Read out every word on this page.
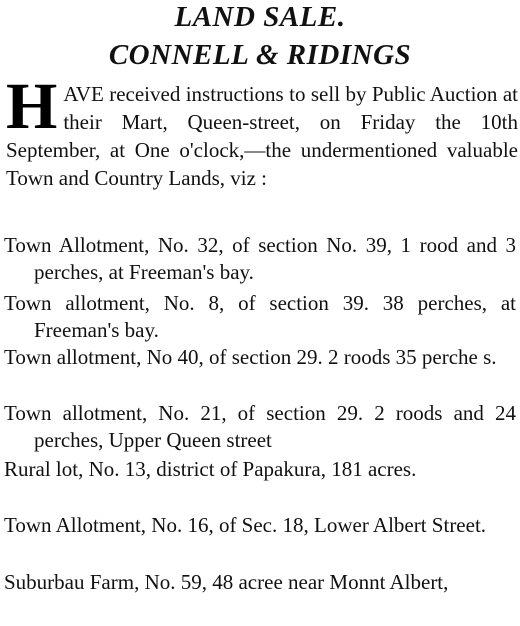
LAND SALE.
CONNELL & RIDINGS
H AVE received instructions to sell by Public Auction at their Mart, Queen-street, on Friday the 10th September, at One o'clock,—the undermentioned valuable Town and Country Lands, viz :
Town Allotment, No. 32, of section No. 39, 1 rood and 3 perches, at Freeman's bay.
Town allotment, No. 8, of section 39. 38 perches, at Freeman's bay.
Town allotment, No 40, of section 29. 2 roods 35 perche s.
Town allotment, No. 21, of section 29. 2 roods and 24 perches, Upper Queen street
Rural lot, No. 13, district of Papakura, 181 acres.
Town Allotment, No. 16, of Sec. 18, Lower Albert Street.
Suburbau Farm, No. 59, 48 acree near Monnt Albert,
